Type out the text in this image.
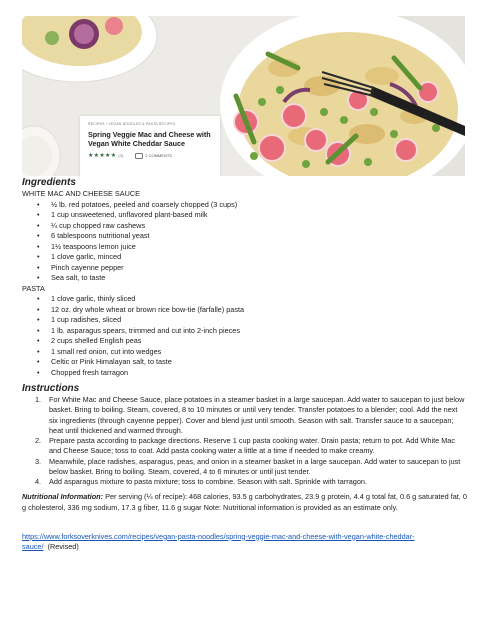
RECIPES › VEGAN NOODLES & PASTA RECIPES
Spring Veggie Mac and Cheese with Vegan White Cheddar Sauce
★★★★★ (3)	2 COMMENTS
Ingredients

WHITE MAC AND CHEESE SAUCE

• ½ lb. red potatoes, peeled and coarsely chopped (3 cups)
• 1 cup unsweetened, unflavored plant-based milk
• ¼ cup chopped raw cashews
• 6 tablespoons nutritional yeast
• 1½ teaspoons lemon juice
• 1 clove garlic, minced
• Pinch cayenne pepper
• Sea salt, to taste

PASTA

• 1 clove garlic, thinly sliced
• 12 oz. dry whole wheat or brown rice bow-tie (farfalle) pasta
• 1 cup radishes, sliced
• 1 lb. asparagus spears, trimmed and cut into 2-inch pieces
• 2 cups shelled English peas
• 1 small red onion, cut into wedges
• Celtic or Pink Himalayan salt, to taste
• Chopped fresh tarragon
Instructions
1. For White Mac and Cheese Sauce, place potatoes in a steamer basket in a large saucepan. Add water to saucepan to just below basket. Bring to boiling. Steam, covered, 8 to 10 minutes or until very tender. Transfer potatoes to a blender; cool. Add the next six ingredients (through cayenne pepper). Cover and blend just until smooth. Season with salt. Transfer sauce to a saucepan; heat until thickened and warmed through.
2. Prepare pasta according to package directions. Reserve 1 cup pasta cooking water. Drain pasta; return to pot. Add White Mac and Cheese Sauce; toss to coat. Add pasta cooking water a little at a time if needed to make creamy.
3. Meanwhile, place radishes, asparagus, peas, and onion in a steamer basket in a large saucepan. Add water to saucepan to just below basket. Bring to boiling. Steam, covered, 4 to 6 minutes or until just tender.
4. Add asparagus mixture to pasta mixture; toss to combine. Season with salt. Sprinkle with tarragon.
Nutritional Information: Per serving (¼ of recipe): 468 calories, 93.5 g carbohydrates, 23.9 g protein, 4.4 g total fat, 0.6 g saturated fat, 0 g cholesterol, 336 mg sodium, 17.3 g fiber, 11.6 g sugar Note: Nutritional information is provided as an estimate only.
https://www.forksoverknives.com/recipes/vegan-pasta-noodles/spring-veggie-mac-and-cheese-with-vegan-white-cheddar-sauce/ (Revised)
